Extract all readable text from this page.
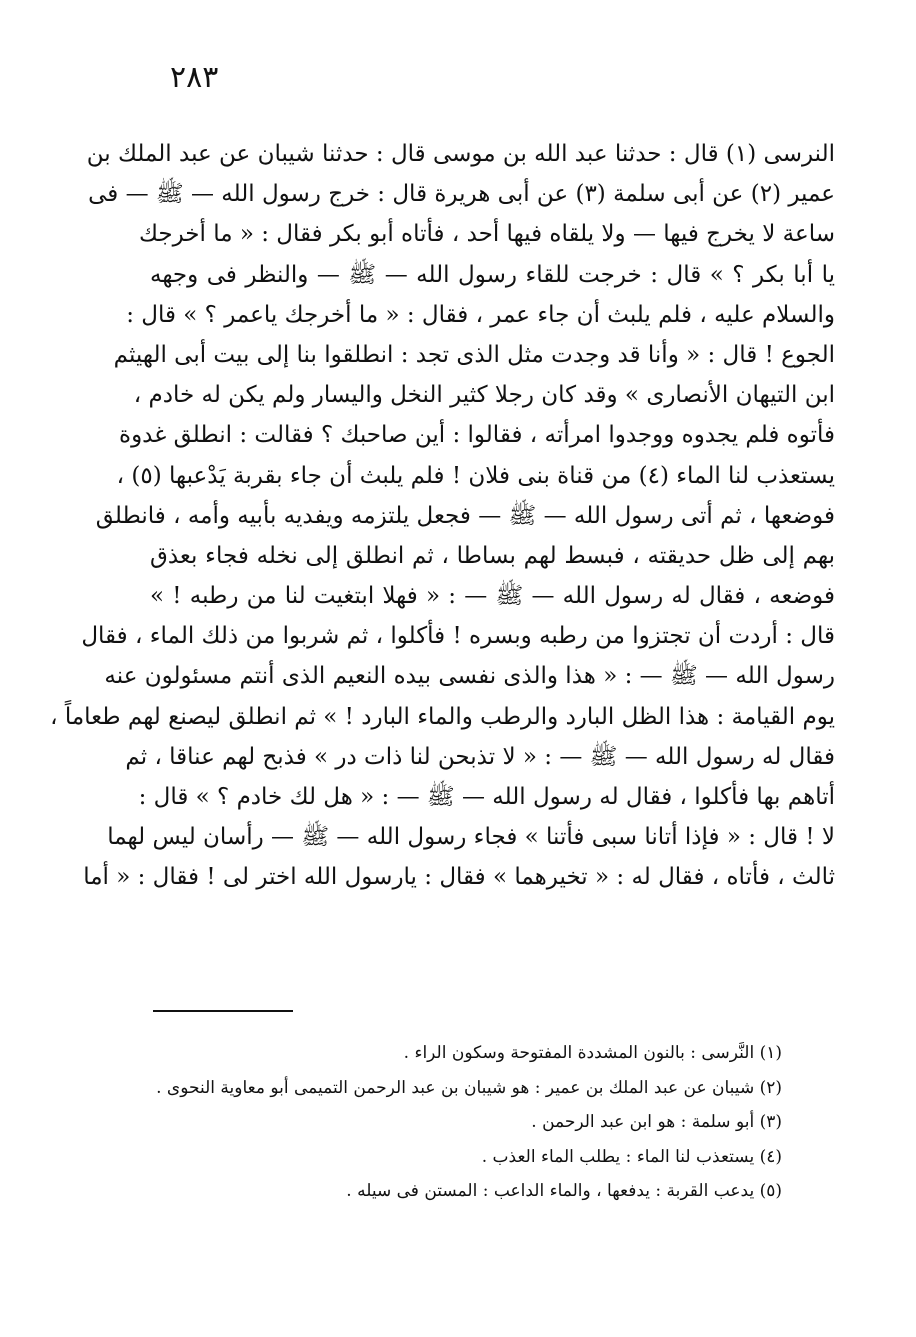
٢٨٣
النرسى (١) قال : حدثنا عبد الله بن موسى قال : حدثنا شيبان عن عبد الملك بن
عمير (٢) عن أبى سلمة (٣) عن أبى هريرة قال : خرج رسول الله — ﷺ — فى
ساعة لا يخرج فيها — ولا يلقاه فيها أحد ، فأتاه أبو بكر فقال : « ما أخرجك
يا أبا بكر ؟ » قال : خرجت للقاء رسول الله — ﷺ — والنظر فى وجهه
والسلام عليه ، فلم يلبث أن جاء عمر ، فقال : « ما أخرجك ياعمر ؟ » قال :
الجوع ! قال : « وأنا قد وجدت مثل الذى تجد : انطلقوا بنا إلى بيت أبى الهيثم
ابن التيهان الأنصارى » وقد كان رجلا كثير النخل واليسار ولم يكن له خادم ،
فأتوه فلم يجدوه ووجدوا امرأته ، فقالوا : أين صاحبك ؟ فقالت : انطلق غدوة
يستعذب لنا الماء (٤) من قناة بنى فلان ! فلم يلبث أن جاء بقربة يَدْعبها (٥) ،
فوضعها ، ثم أتى رسول الله — ﷺ — فجعل يلتزمه ويفديه بأبيه وأمه ، فانطلق
بهم إلى ظل حديقته ، فبسط لهم بساطا ، ثم انطلق إلى نخله فجاء بعذق
فوضعه ، فقال له رسول الله — ﷺ — : « فهلا ابتغيت لنا من رطبه ! »
قال : أردت أن تجتزوا من رطبه وبسره ! فأكلوا ، ثم شربوا من ذلك الماء ، فقال
رسول الله — ﷺ — : « هذا والذى نفسى بيده النعيم الذى أنتم مسئولون عنه
يوم القيامة : هذا الظل البارد والرطب والماء البارد ! » ثم انطلق ليصنع لهم طعاماً ،
فقال له رسول الله — ﷺ — : « لا تذبحن لنا ذات در » فذبح لهم عناقا ، ثم
أتاهم بها فأكلوا ، فقال له رسول الله — ﷺ — : « هل لك خادم ؟ » قال :
لا ! قال : « فإذا أتانا سبى فأتنا » فجاء رسول الله — ﷺ — رأسان ليس لهما
ثالث ، فأتاه ، فقال له : « تخيرهما » فقال : يارسول الله اختر لى ! فقال : « أما
(١) النَّرسى : بالنون المشددة المفتوحة وسكون الراء .
(٢) شيبان عن عبد الملك بن عمير : هو شيبان بن عبد الرحمن التميمى أبو معاوية النحوى .
(٣) أبو سلمة : هو ابن عبد الرحمن .
(٤) يستعذب لنا الماء : يطلب الماء العذب .
(٥) يدعب القربة : يدفعها ، والماء الداعب : المستن فى سيله .
